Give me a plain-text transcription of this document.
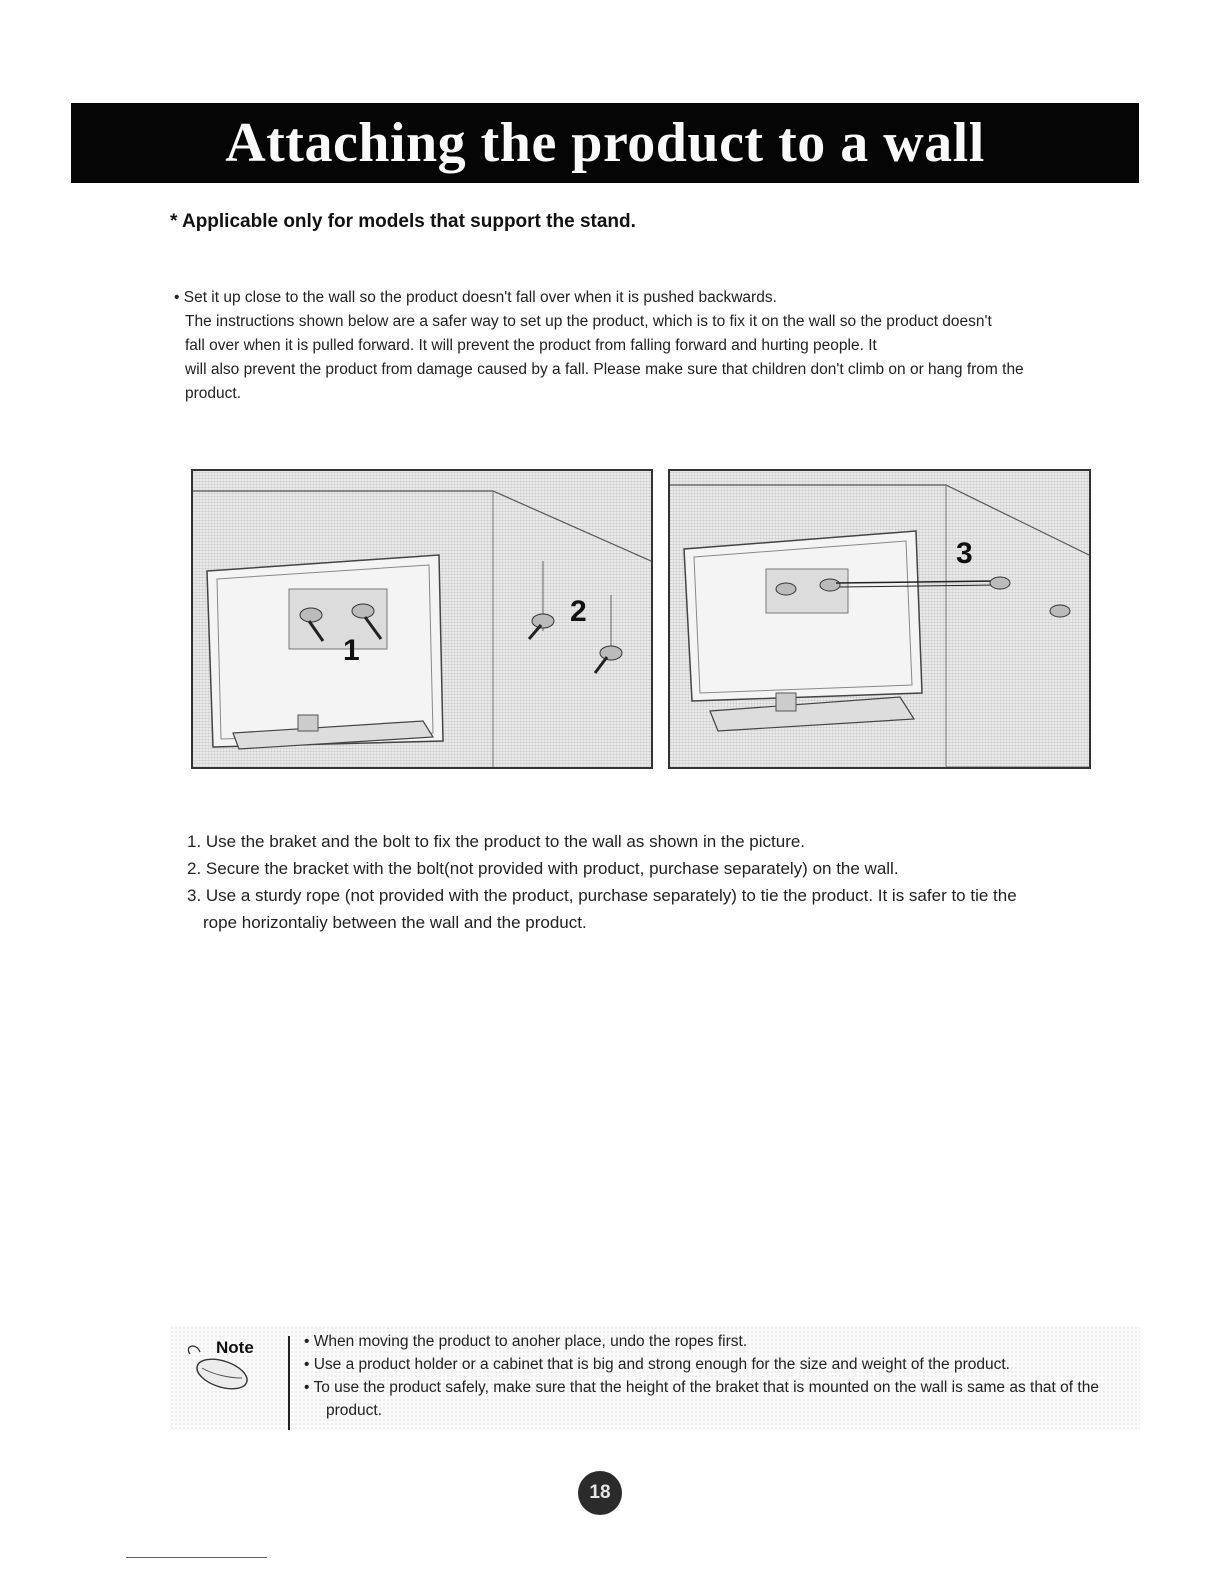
Attaching the product to a wall
* Applicable only for models that support the stand.

• Set it up close to the wall so the product doesn't fall over when it is pushed backwards.

The instructions shown below are a safer way to set up the product, which is to fix it on the wall so the product doesn't

fall over when it is pulled forward. It will prevent the product from falling forward and hurting people. It

will also prevent the product from damage caused by a fall. Please make sure that children don't climb on or hang from the

product.

1
2
3

1. Use the braket and the bolt to fix the product to the wall as shown in the picture.

2. Secure the bracket with the bolt(not provided with product, purchase separately) on the wall.

3. Use a sturdy rope (not provided with the product, purchase separately) to tie the product. It is safer to tie the

rope horizontaliy between the wall and the product.

Note	• When moving the product to anoher place, undo the ropes first.

• Use a product holder or a cabinet that is big and strong enough for the size and weight of the product.

• To use the product safely, make sure that the height of the braket that is mounted on the wall is same as that of the

product.

18
